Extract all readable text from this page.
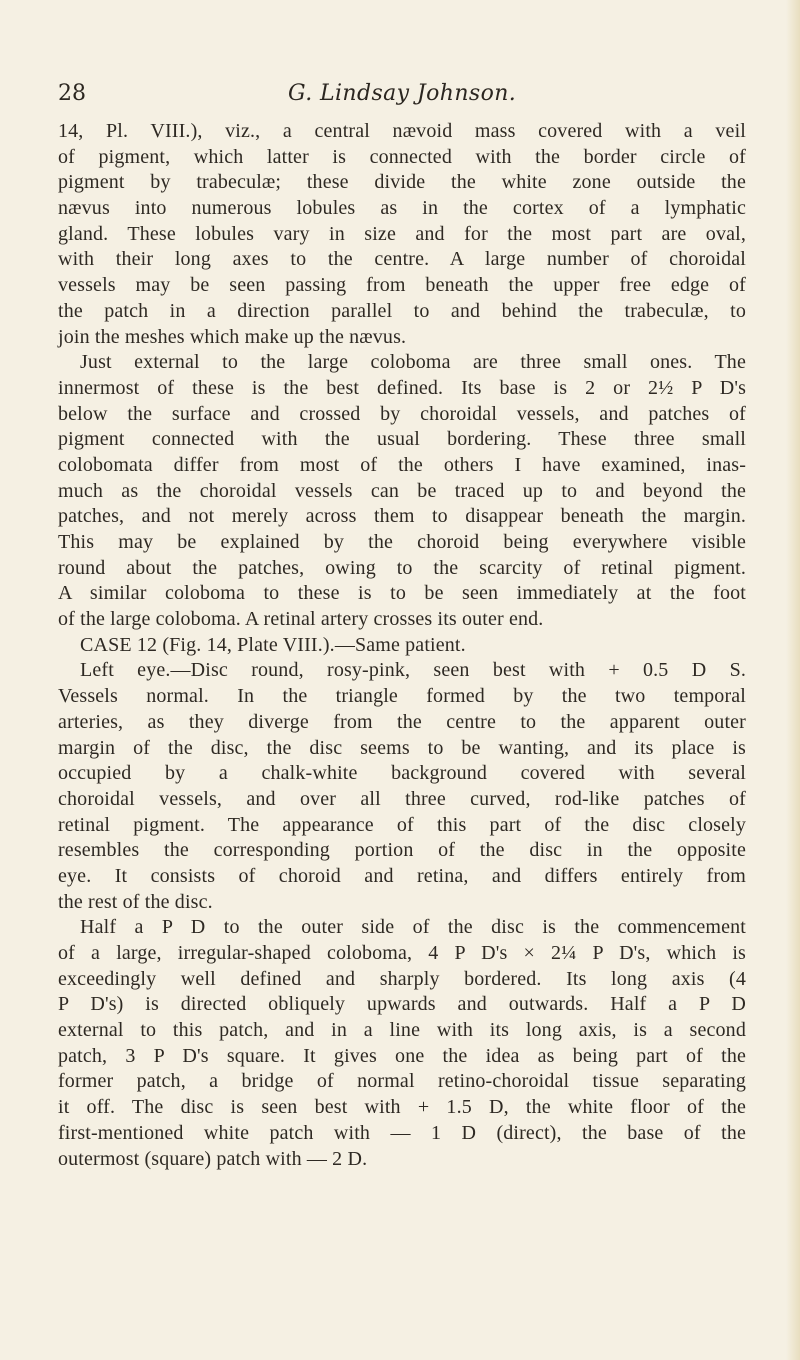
28	G. Lindsay Johnson.
14, Pl. VIII.), viz., a central nævoid mass covered with a veil
of pigment, which latter is connected with the border circle of
pigment by trabeculæ; these divide the white zone outside the
nævus into numerous lobules as in the cortex of a lymphatic
gland. These lobules vary in size and for the most part are oval,
with their long axes to the centre. A large number of choroidal
vessels may be seen passing from beneath the upper free edge of
the patch in a direction parallel to and behind the trabeculæ, to
join the meshes which make up the nævus.
Just external to the large coloboma are three small ones. The
innermost of these is the best defined. Its base is 2 or 2½ P D's
below the surface and crossed by choroidal vessels, and patches of
pigment connected with the usual bordering. These three small
colobomata differ from most of the others I have examined, inas-
much as the choroidal vessels can be traced up to and beyond the
patches, and not merely across them to disappear beneath the margin.
This may be explained by the choroid being everywhere visible
round about the patches, owing to the scarcity of retinal pigment.
A similar coloboma to these is to be seen immediately at the foot
of the large coloboma. A retinal artery crosses its outer end.
CASE 12 (Fig. 14, Plate VIII.).—Same patient.
Left eye.—Disc round, rosy-pink, seen best with + 0.5 D S.
Vessels normal. In the triangle formed by the two temporal
arteries, as they diverge from the centre to the apparent outer
margin of the disc, the disc seems to be wanting, and its place is
occupied by a chalk-white background covered with several
choroidal vessels, and over all three curved, rod-like patches of
retinal pigment. The appearance of this part of the disc closely
resembles the corresponding portion of the disc in the opposite
eye. It consists of choroid and retina, and differs entirely from
the rest of the disc.
Half a P D to the outer side of the disc is the commencement
of a large, irregular-shaped coloboma, 4 P D's × 2¼ P D's, which is
exceedingly well defined and sharply bordered. Its long axis (4
P D's) is directed obliquely upwards and outwards. Half a P D
external to this patch, and in a line with its long axis, is a second
patch, 3 P D's square. It gives one the idea as being part of the
former patch, a bridge of normal retino-choroidal tissue separating
it off. The disc is seen best with + 1.5 D, the white floor of the
first-mentioned white patch with — 1 D (direct), the base of the
outermost (square) patch with — 2 D.
